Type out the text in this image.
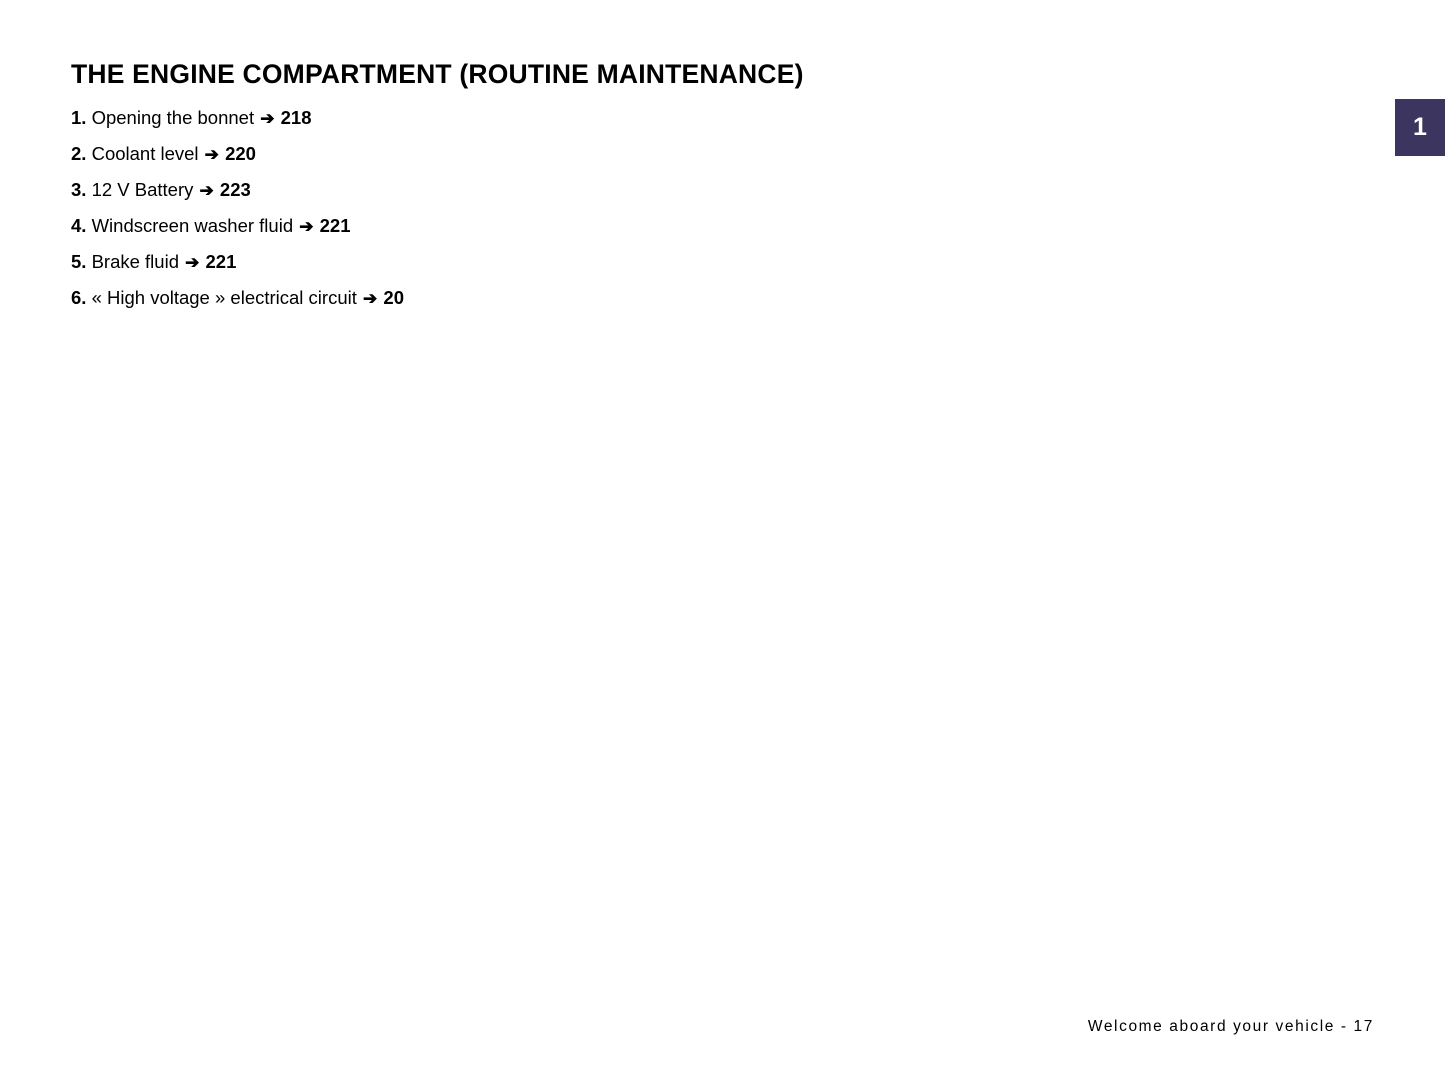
THE ENGINE COMPARTMENT (ROUTINE MAINTENANCE)
1. Opening the bonnet ➔ 218
2. Coolant level ➔ 220
3. 12 V Battery ➔ 223
4. Windscreen washer fluid ➔ 221
5. Brake fluid ➔ 221
6. « High voltage » electrical circuit ➔ 20
1
Welcome aboard your vehicle - 17
